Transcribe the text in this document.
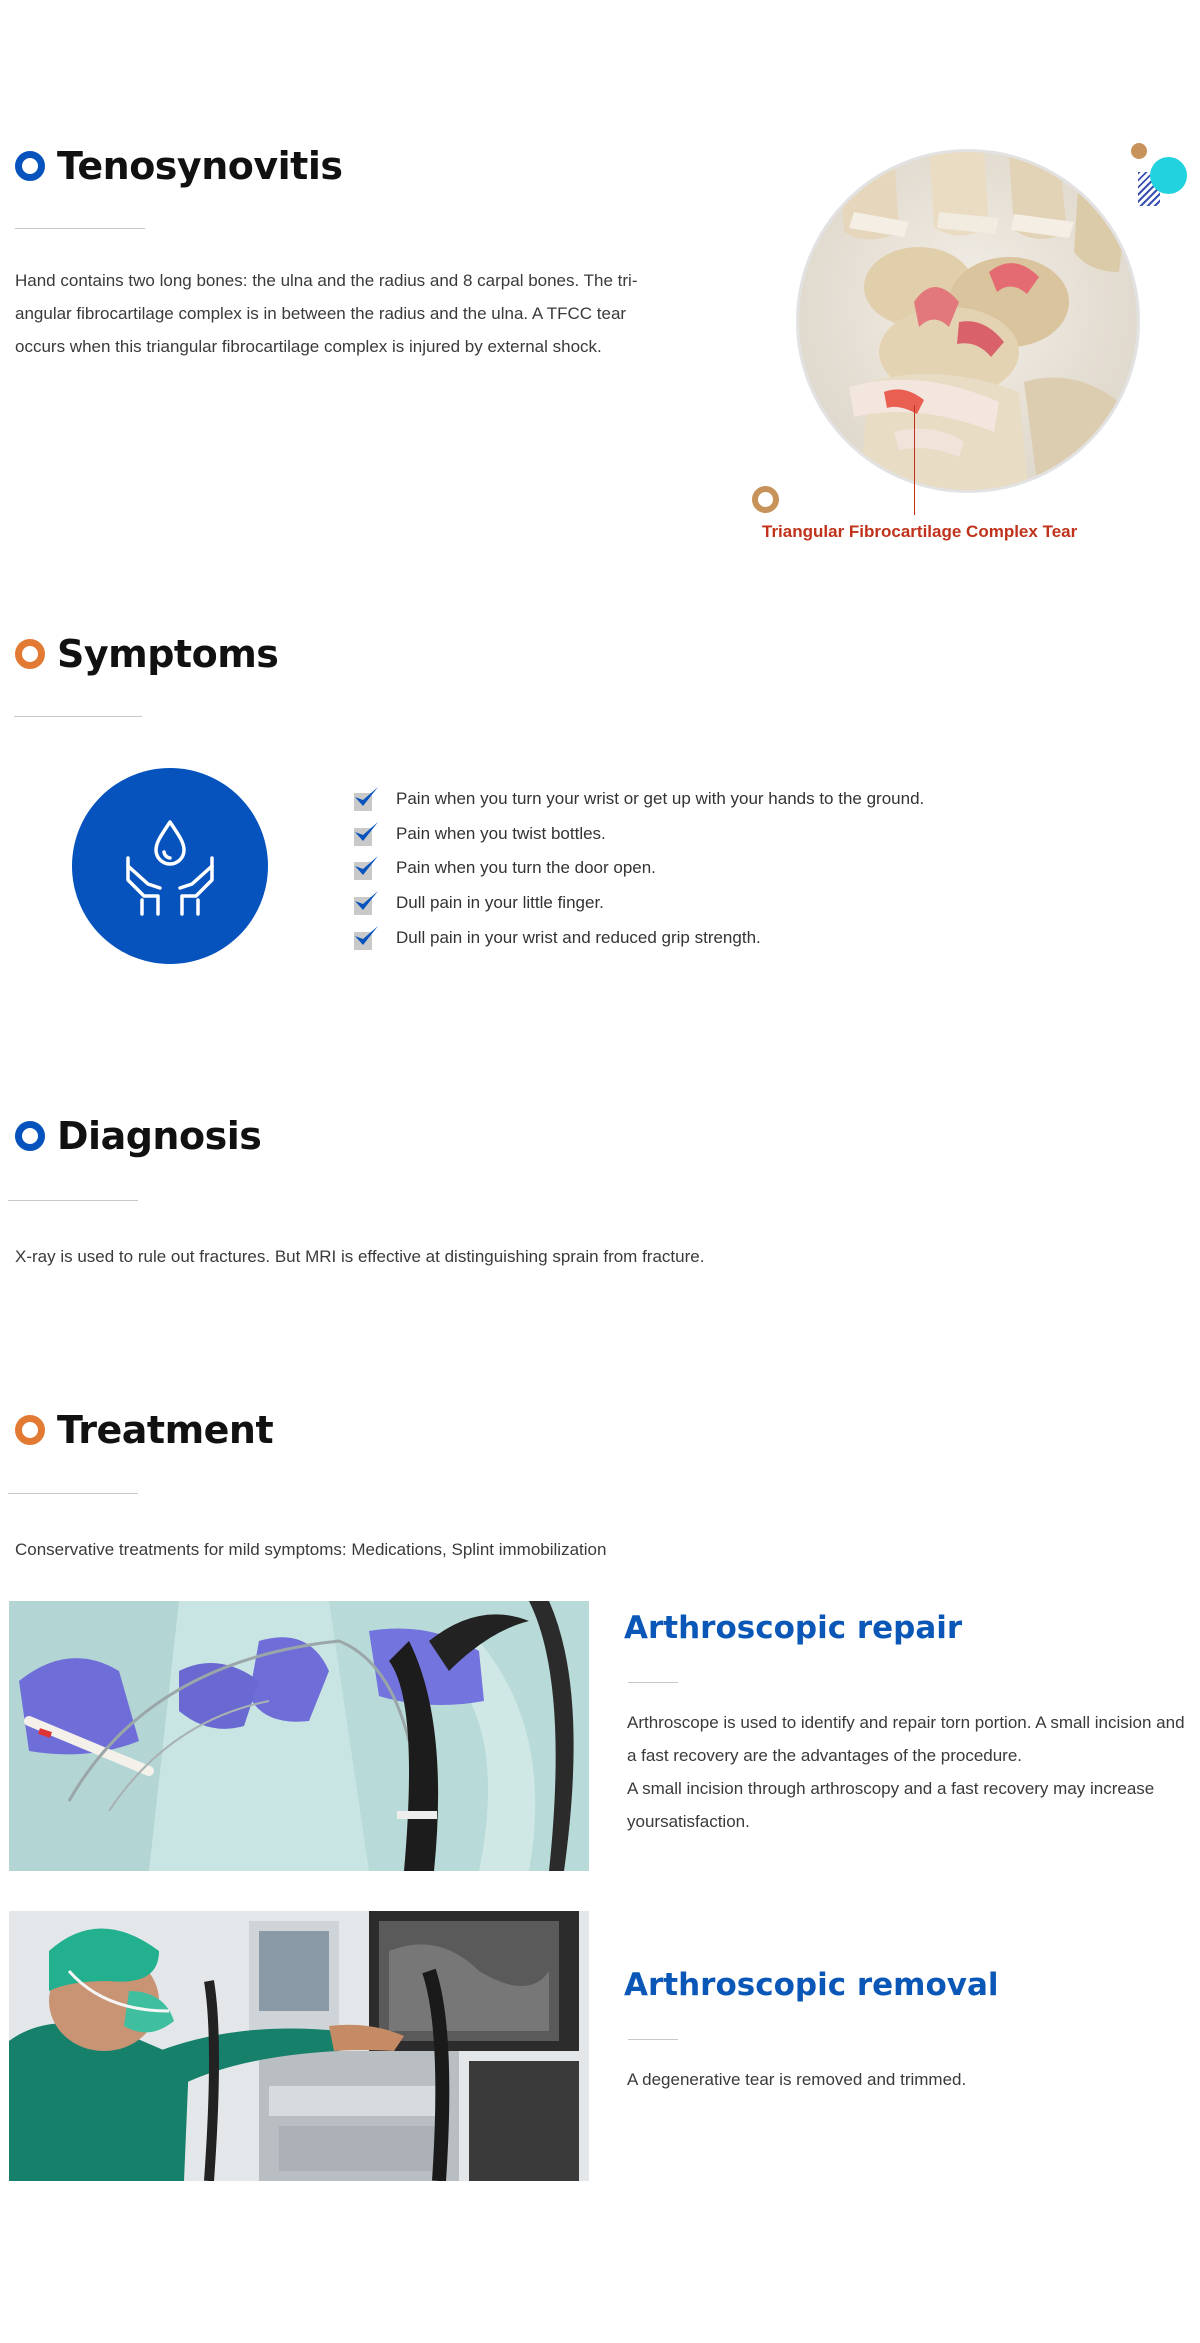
Tenosynovitis

Hand contains two long bones: the ulna and the radius and 8 carpal bones. The tri-angular fibrocartilage complex is in between the radius and the ulna. A TFCC tear occurs when this triangular fibrocartilage complex is injured by external shock.

Triangular Fibrocartilage Complex Tear
Symptoms
Pain when you turn your wrist or get up with your hands to the ground.
Pain when you twist bottles.
Pain when you turn the door open.
Dull pain in your little finger.
Dull pain in your wrist and reduced grip strength.
Diagnosis

X-ray is used to rule out fractures. But MRI is effective at distinguishing sprain from fracture.

Treatment

Conservative treatments for mild symptoms: Medications, Splint immobilization

Arthroscopic repair

Arthroscope is used to identify and repair torn portion. A small incision and a fast recovery are the advantages of the procedure.

A small incision through arthroscopy and a fast recovery may increase yoursatisfaction.

Arthroscopic removal

A degenerative tear is removed and trimmed.
